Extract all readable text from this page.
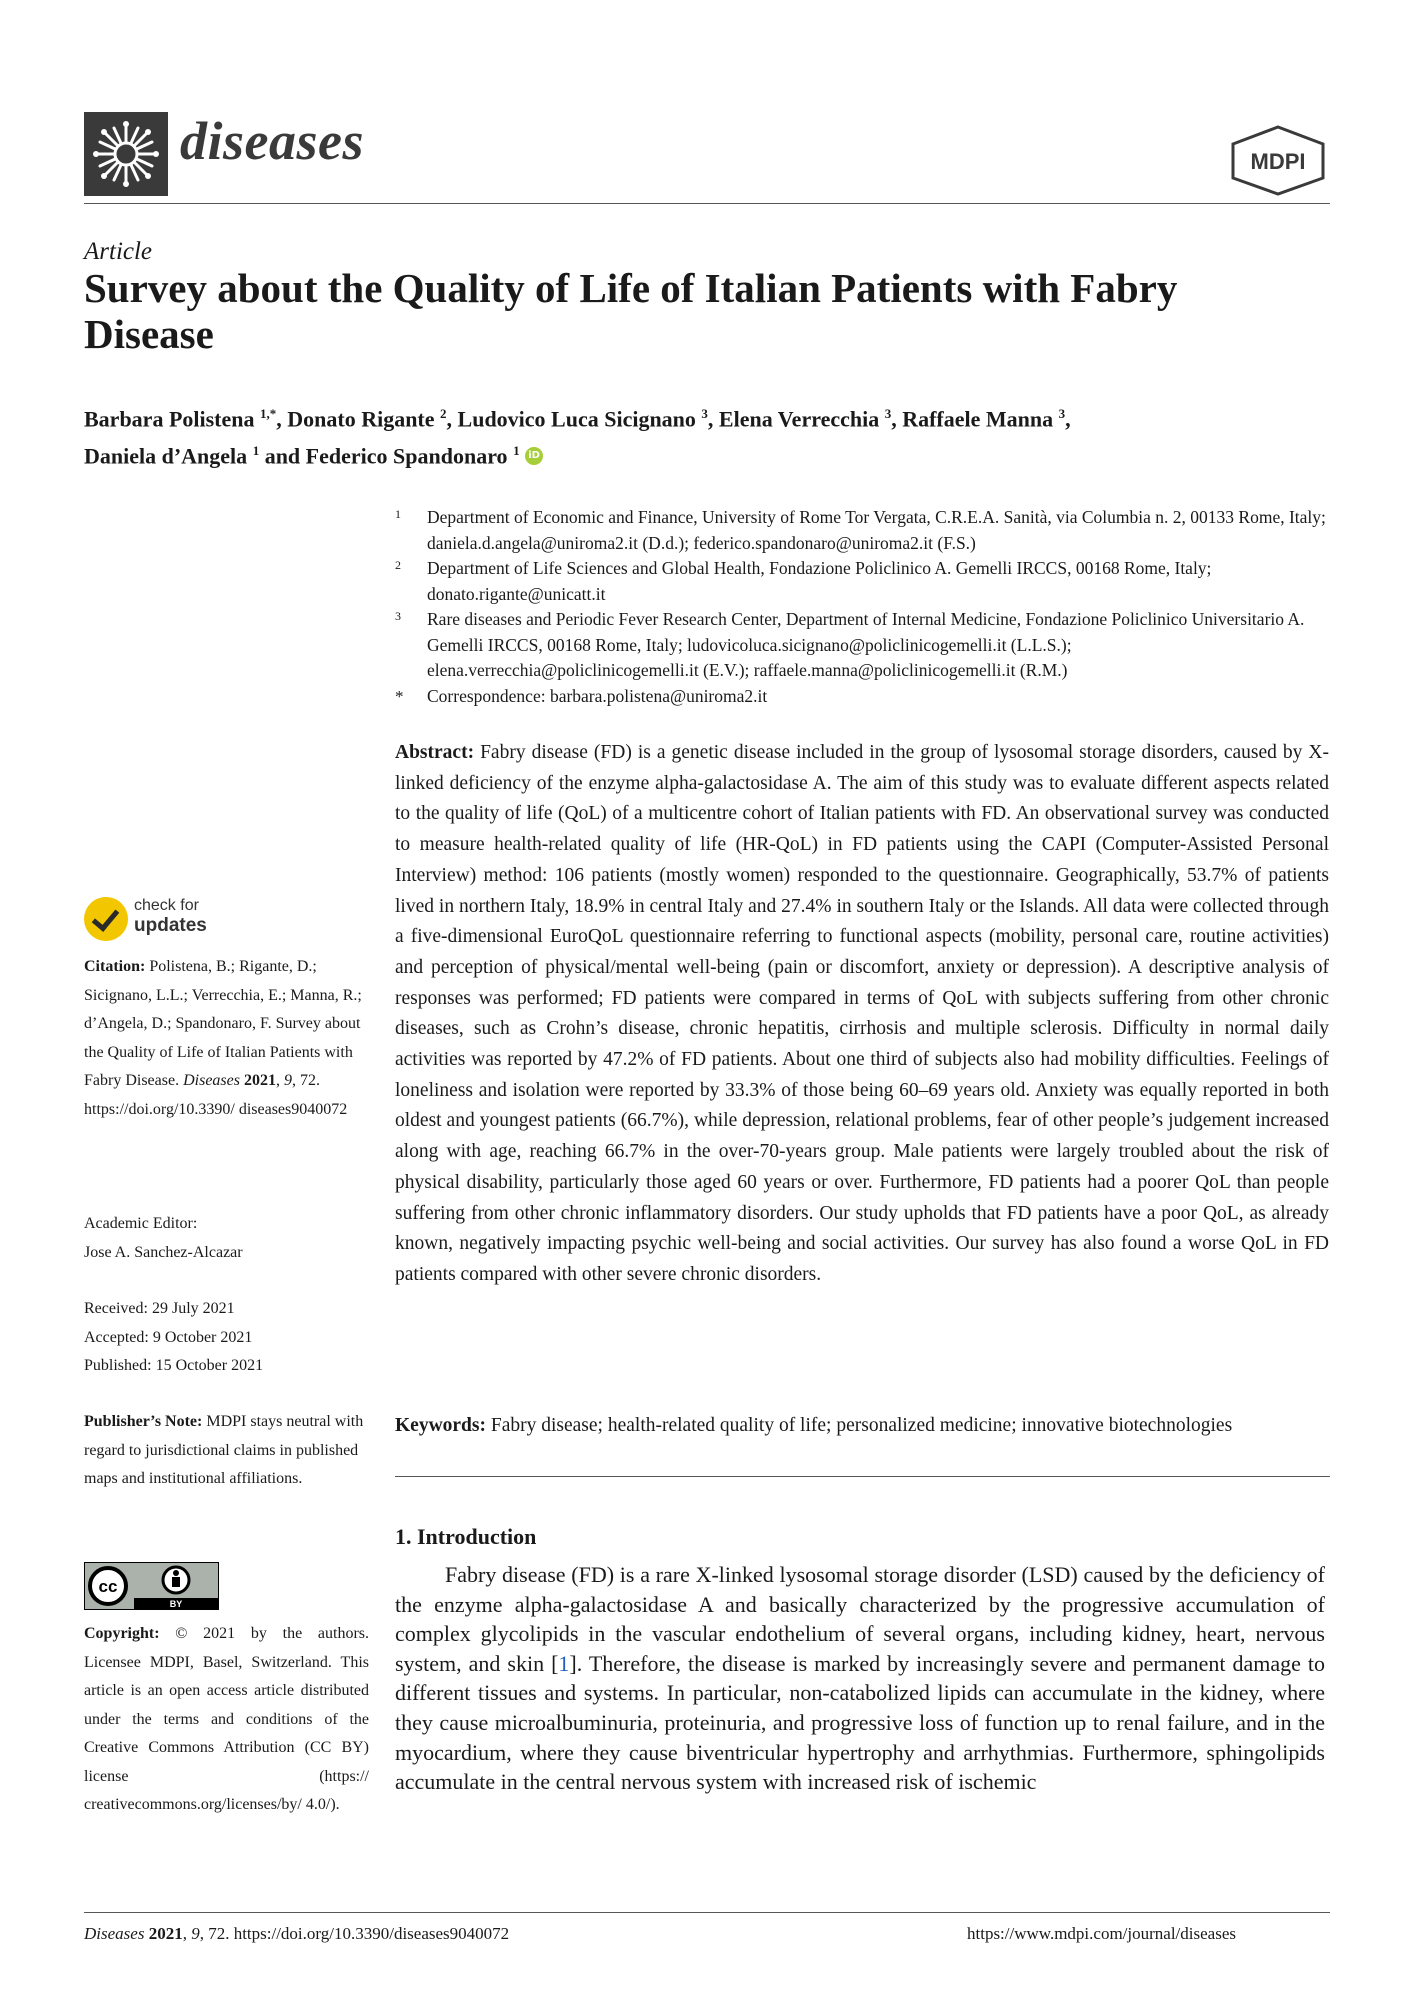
diseases	MDPI
Article
Survey about the Quality of Life of Italian Patients with Fabry Disease
Barbara Polistena $^{1,*}$, Donato Rigante $^2$, Ludovico Luca Sicignano $^3$, Elena Verrecchia $^3$, Raffaele Manna $^3$,
Daniela d’Angela $^1$ and Federico Spandonaro $^1$ iD
1 Department of Economic and Finance, University of Rome Tor Vergata, C.R.E.A. Sanità, via Columbia n. 2, 00133 Rome, Italy; daniela.d.angela@uniroma2.it (D.d.); federico.spandonaro@uniroma2.it (F.S.)
2 Department of Life Sciences and Global Health, Fondazione Policlinico A. Gemelli IRCCS, 00168 Rome, Italy; donato.rigante@unicatt.it
3 Rare diseases and Periodic Fever Research Center, Department of Internal Medicine, Fondazione Policlinico Universitario A. Gemelli IRCCS, 00168 Rome, Italy; ludovicoluca.sicignano@policlinicogemelli.it (L.L.S.); elena.verrecchia@policlinicogemelli.it (E.V.); raffaele.manna@policlinicogemelli.it (R.M.)
* Correspondence: barbara.polistena@uniroma2.it
check for
updates
Citation: Polistena, B.; Rigante, D.; Sicignano, L.L.; Verrecchia, E.; Manna, R.; d’Angela, D.; Spandonaro, F. Survey about the Quality of Life of Italian Patients with Fabry Disease. Diseases 2021, 9, 72. https://doi.org/10.3390/ diseases9040072
Academic Editor:
Jose A. Sanchez-Alcazar
Received: 29 July 2021
Accepted: 9 October 2021
Published: 15 October 2021
Publisher’s Note: MDPI stays neutral with regard to jurisdictional claims in published maps and institutional affiliations.
cc
BY
Copyright: © 2021 by the authors. Licensee MDPI, Basel, Switzerland. This article is an open access article distributed under the terms and conditions of the Creative Commons Attribution (CC BY) license (https:// creativecommons.org/licenses/by/ 4.0/).
Abstract: Fabry disease (FD) is a genetic disease included in the group of lysosomal storage disorders, caused by X-linked deficiency of the enzyme alpha-galactosidase A. The aim of this study was to evaluate different aspects related to the quality of life (QoL) of a multicentre cohort of Italian patients with FD. An observational survey was conducted to measure health-related quality of life (HR-QoL) in FD patients using the CAPI (Computer-Assisted Personal Interview) method: 106 patients (mostly women) responded to the questionnaire. Geographically, 53.7% of patients lived in northern Italy, 18.9% in central Italy and 27.4% in southern Italy or the Islands. All data were collected through a five-dimensional EuroQoL questionnaire referring to functional aspects (mobility, personal care, routine activities) and perception of physical/mental well-being (pain or discomfort, anxiety or depression). A descriptive analysis of responses was performed; FD patients were compared in terms of QoL with subjects suffering from other chronic diseases, such as Crohn’s disease, chronic hepatitis, cirrhosis and multiple sclerosis. Difficulty in normal daily activities was reported by 47.2% of FD patients. About one third of subjects also had mobility difficulties. Feelings of loneliness and isolation were reported by 33.3% of those being 60–69 years old. Anxiety was equally reported in both oldest and youngest patients (66.7%), while depression, relational problems, fear of other people’s judgement increased along with age, reaching 66.7% in the over-70-years group. Male patients were largely troubled about the risk of physical disability, particularly those aged 60 years or over. Furthermore, FD patients had a poorer QoL than people suffering from other chronic inflammatory disorders. Our study upholds that FD patients have a poor QoL, as already known, negatively impacting psychic well-being and social activities. Our survey has also found a worse QoL in FD patients compared with other severe chronic disorders.
Keywords: Fabry disease; health-related quality of life; personalized medicine; innovative biotechnologies
1. Introduction
Fabry disease (FD) is a rare X-linked lysosomal storage disorder (LSD) caused by the deficiency of the enzyme alpha-galactosidase A and basically characterized by the progressive accumulation of complex glycolipids in the vascular endothelium of several organs, including kidney, heart, nervous system, and skin [1]. Therefore, the disease is marked by increasingly severe and permanent damage to different tissues and systems. In particular, non-catabolized lipids can accumulate in the kidney, where they cause microalbuminuria, proteinuria, and progressive loss of function up to renal failure, and in the myocardium, where they cause biventricular hypertrophy and arrhythmias. Furthermore, sphingolipids accumulate in the central nervous system with increased risk of ischemic
Diseases 2021, 9, 72. https://doi.org/10.3390/diseases9040072	https://www.mdpi.com/journal/diseases
